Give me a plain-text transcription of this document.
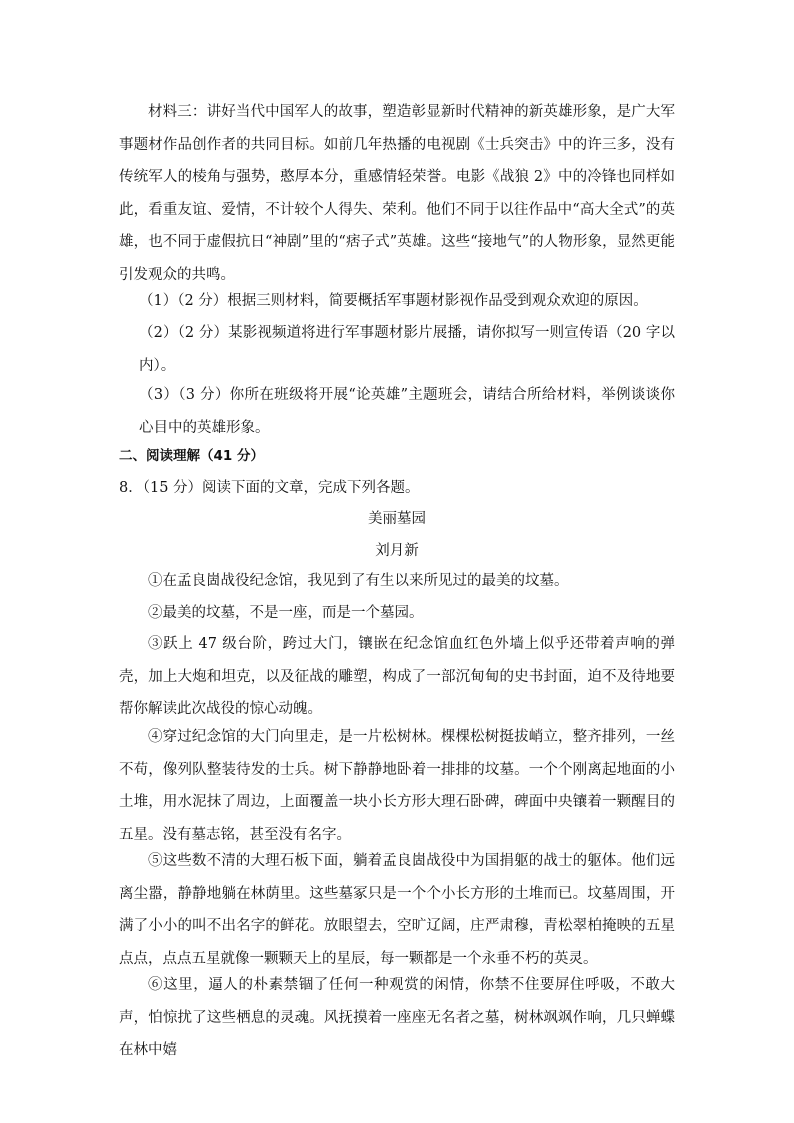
材料三：讲好当代中国军人的故事，塑造彰显新时代精神的新英雄形象，是广大军事题材作品创作者的共同目标。如前几年热播的电视剧《士兵突击》中的许三多，没有传统军人的棱角与强势，憨厚本分，重感情轻荣誉。电影《战狼 2》中的冷锋也同样如此，看重友谊、爱情，不计较个人得失、荣利。他们不同于以往作品中“高大全式”的英雄，也不同于虚假抗日“神剧”里的“痞子式”英雄。这些“接地气”的人物形象，显然更能引发观众的共鸣。
（1）（2 分）根据三则材料，简要概括军事题材影视作品受到观众欢迎的原因。
（2）（2 分）某影视频道将进行军事题材影片展播，请你拟写一则宣传语（20 字以内）。
（3）（3 分）你所在班级将开展“论英雄”主题班会，请结合所给材料，举例谈谈你心目中的英雄形象。
二、阅读理解（41 分）
8．（15 分）阅读下面的文章，完成下列各题。
美丽墓园
刘月新
①在孟良崮战役纪念馆，我见到了有生以来所见过的最美的坟墓。
②最美的坟墓，不是一座，而是一个墓园。
③跃上 47 级台阶，跨过大门，镶嵌在纪念馆血红色外墙上似乎还带着声响的弹壳，加上大炮和坦克，以及征战的雕塑，构成了一部沉甸甸的史书封面，迫不及待地要帮你解读此次战役的惊心动魄。
④穿过纪念馆的大门向里走，是一片松树林。棵棵松树挺拔峭立，整齐排列，一丝不苟，像列队整装待发的士兵。树下静静地卧着一排排的坟墓。一个个刚离起地面的小土堆，用水泥抹了周边，上面覆盖一块小长方形大理石卧碑，碑面中央镶着一颗醒目的五星。没有墓志铭，甚至没有名字。
⑤这些数不清的大理石板下面，躺着孟良崮战役中为国捐躯的战士的躯体。他们远离尘嚣，静静地躺在林荫里。这些墓冢只是一个个小长方形的土堆而已。坟墓周围，开满了小小的叫不出名字的鲜花。放眼望去，空旷辽阔，庄严肃穆，青松翠柏掩映的五星点点，点点五星就像一颗颗天上的星辰，每一颗都是一个永垂不朽的英灵。
⑥这里，逼人的朴素禁锢了任何一种观赏的闲情，你禁不住要屏住呼吸，不敢大声，怕惊扰了这些栖息的灵魂。风抚摸着一座座无名者之墓，树林飒飒作响，几只蝉蝶在林中嬉
